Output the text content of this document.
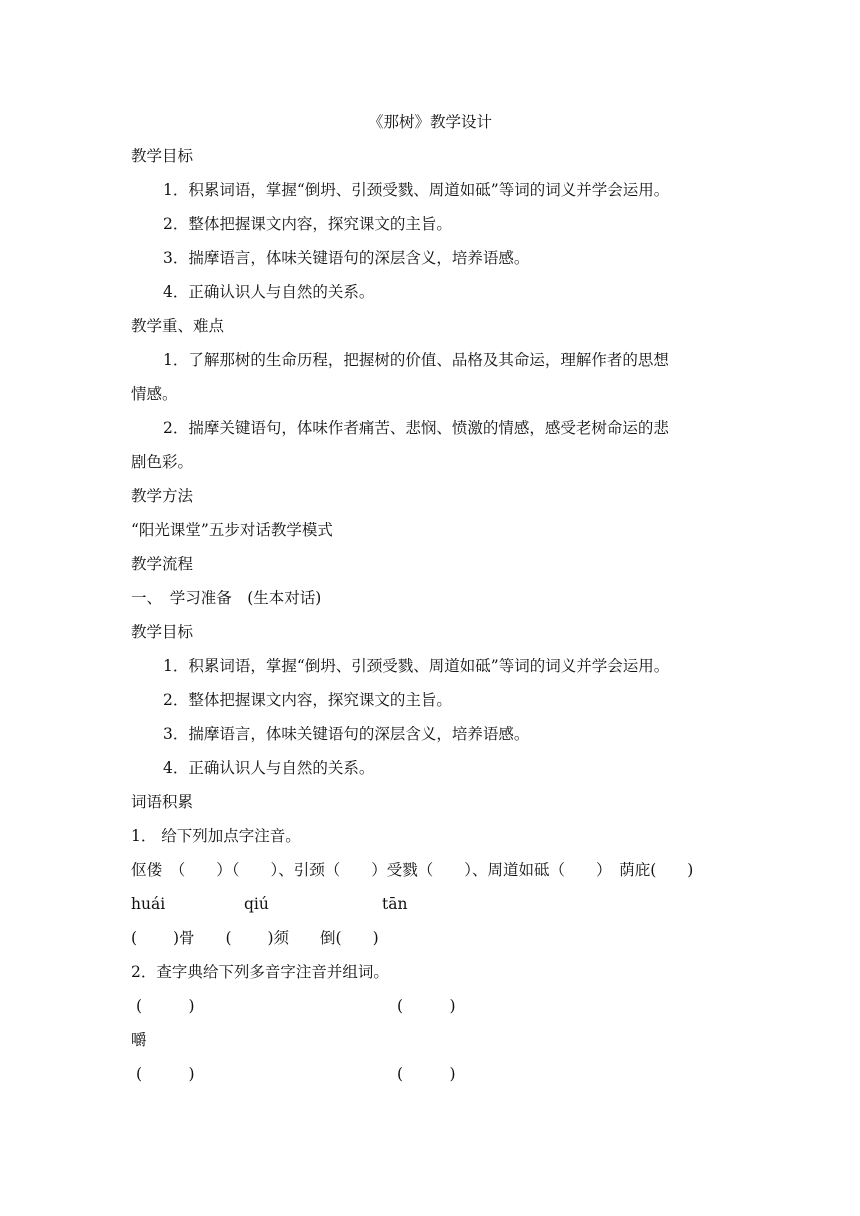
《那树》教学设计
教学目标
1．积累词语，掌握“倒坍、引颈受戮、周道如砥”等词的词义并学会运用。
2．整体把握课文内容，探究课文的主旨。
3．揣摩语言，体味关键语句的深层含义，培养语感。
4．正确认识人与自然的关系。
教学重、难点
1．了解那树的生命历程，把握树的价值、品格及其命运，理解作者的思想
情感。
2．揣摩关键语句，体味作者痛苦、悲悯、愤激的情感，感受老树命运的悲
剧色彩。
教学方法
“阳光课堂”五步对话教学模式
教学流程
一、　学习准备　(生本对话)
教学目标
1．积累词语，掌握“倒坍、引颈受戮、周道如砥”等词的词义并学会运用。
2．整体把握课文内容，探究课文的主旨。
3．揣摩语言，体味关键语句的深层含义，培养语感。
4．正确认识人与自然的关系。
词语积累
1． 给下列加点字注音。
伛偻　（　　）（　　）、引颈（　　）受戮（　　）、周道如砥（　　）　荫庇(　　)
huái	qiú	tān
(　　 )骨　　(　　 )须　　倒(　　)
2．查字典给下列多音字注音并组词。
(　　　)	(　　　)
嚼
(　　　)	(　　　)
